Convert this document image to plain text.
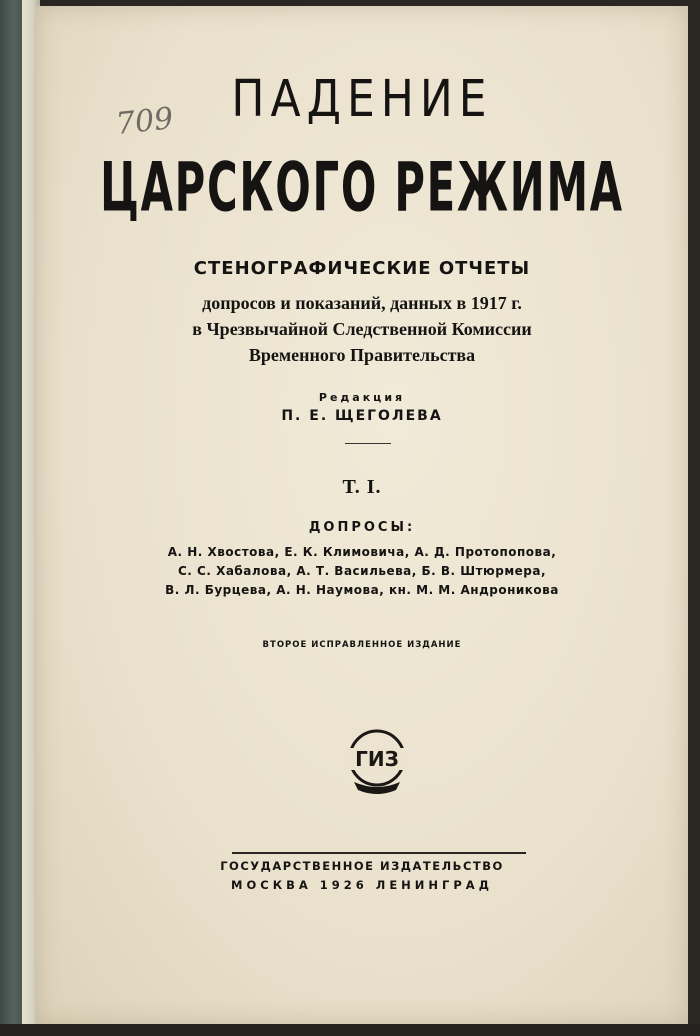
709	ПАДЕНИЕ
ЦАРСКОГО РЕЖИМА
СТЕНОГРАФИЧЕСКИЕ ОТЧЕТЫ
допросов и показаний, данных в 1917 г.
в Чрезвычайной Следственной Комиссии
Временного Правительства
Редакция
П. Е. ЩЕГОЛЕВА
Т. I.
ДОПРОСЫ:
А. Н. Хвостова, Е. К. Климовича, А. Д. Протопопова,
С. С. Хабалова, А. Т. Васильева, Б. В. Штюрмера,
В. Л. Бурцева, А. Н. Наумова, кн. М. М. Андроникова
ВТОРОЕ ИСПРАВЛЕННОЕ ИЗДАНИЕ
ГИЗ
ГОСУДАРСТВЕННОЕ ИЗДАТЕЛЬСТВО
МОСКВА 1926 ЛЕНИНГРАД
